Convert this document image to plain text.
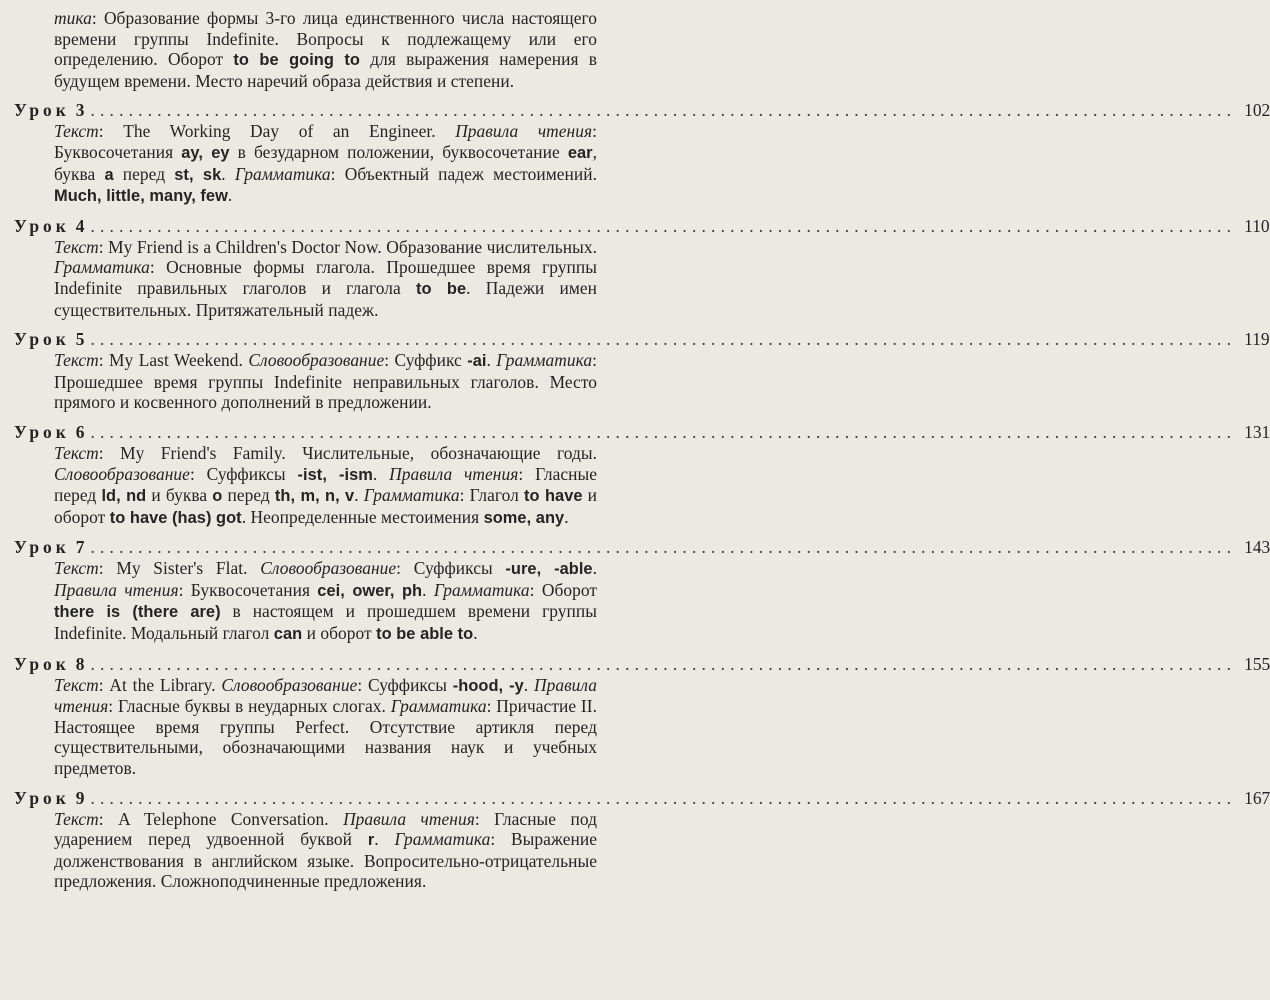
тика: Образование формы 3-го лица единственного числа настоящего времени группы Indefinite. Вопросы к подлежащему или его определению. Оборот to be going to для выражения намерения в будущем времени. Место наречий образа действия и степени.

Урок 3 ........................................................................................................................ 102

Текст: The Working Day of an Engineer. Правила чтения: Буквосочетания ay, ey в безударном положении, буквосочетание ear, буква a перед st, sk. Грамматика: Объектный падеж местоимений. Much, little, many, few.

Урок 4 ........................................................................................................................ 110

Текст: My Friend is a Children's Doctor Now. Образование числительных. Грамматика: Основные формы глагола. Прошедшее время группы Indefinite правильных глаголов и глагола to be. Падежи имен существительных. Притяжательный падеж.

Урок 5 ........................................................................................................................ 119

Текст: My Last Weekend. Словообразование: Суффикс -ai. Грамматика: Прошедшее время группы Indefinite неправильных глаголов. Место прямого и косвенного дополнений в предложении.

Урок 6 ........................................................................................................................ 131

Текст: My Friend's Family. Числительные, обозначающие годы. Словообразование: Суффиксы -ist, -ism. Правила чтения: Гласные перед ld, nd и буква o перед th, m, n, v. Грамматика: Глагол to have и оборот to have (has) got. Неопределенные местоимения some, any.

Урок 7 ........................................................................................................................ 143

Текст: My Sister's Flat. Словообразование: Суффиксы -ure, -able. Правила чтения: Буквосочетания cei, ower, ph. Грамматика: Оборот there is (there are) в настоящем и прошедшем времени группы Indefinite. Модальный глагол can и оборот to be able to.

Урок 8 ........................................................................................................................ 155

Текст: At the Library. Словообразование: Суффиксы -hood, -y. Правила чтения: Гласные буквы в неударных слогах. Грамматика: Причастие II. Настоящее время группы Perfect. Отсутствие артикля перед существительными, обозначающими названия наук и учебных предметов.

Урок 9 ........................................................................................................................ 167

Текст: A Telephone Conversation. Правила чтения: Гласные под ударением перед удвоенной буквой r. Грамматика: Выражение долженствования в английском языке. Вопросительно-отрицательные предложения. Сложноподчиненные предложения.
